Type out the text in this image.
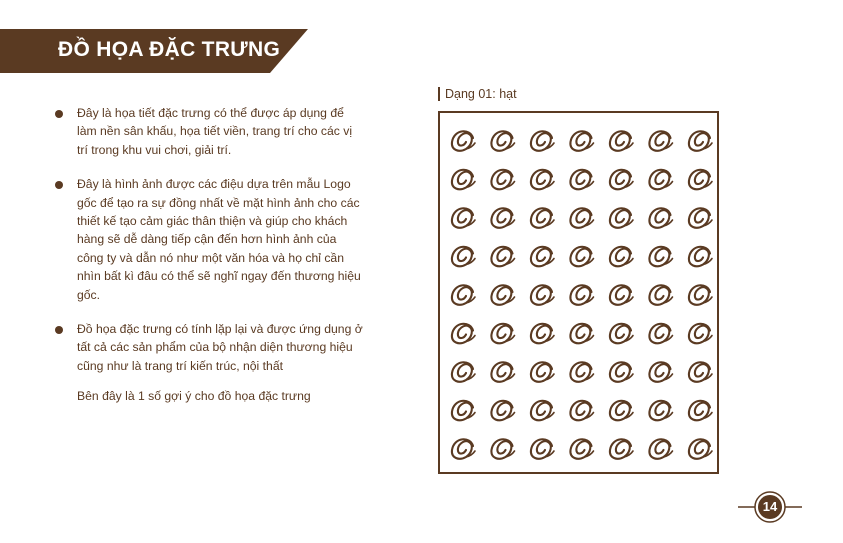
ĐỒ HỌA ĐẶC TRƯNG
Đây là họa tiết đặc trưng có thể được áp dụng để làm nền sân khấu, họa tiết viền, trang trí cho các vị trí trong khu vui chơi, giải trí.
Đây là hình ảnh được các điệu dựa trên mẫu Logo gốc để tạo ra sự đồng nhất về mặt hình ảnh cho các thiết kế tạo cảm giác thân thiện và giúp cho khách hàng sẽ dễ dàng tiếp cận đến hơn hình ảnh của công ty và dẫn nó như một văn hóa và họ chỉ cần nhìn bất kì đâu có thể sẽ nghĩ ngay đến thương hiệu gốc.
Đồ họa đặc trưng có tính lặp lại và được ứng dụng ở tất cả các sản phẩm của bộ nhận diện thương hiệu cũng như là trang trí kiến trúc, nội thất
Bên đây là 1 số gợi ý cho đồ họa đặc trưng
Dạng 01: hạt
14
